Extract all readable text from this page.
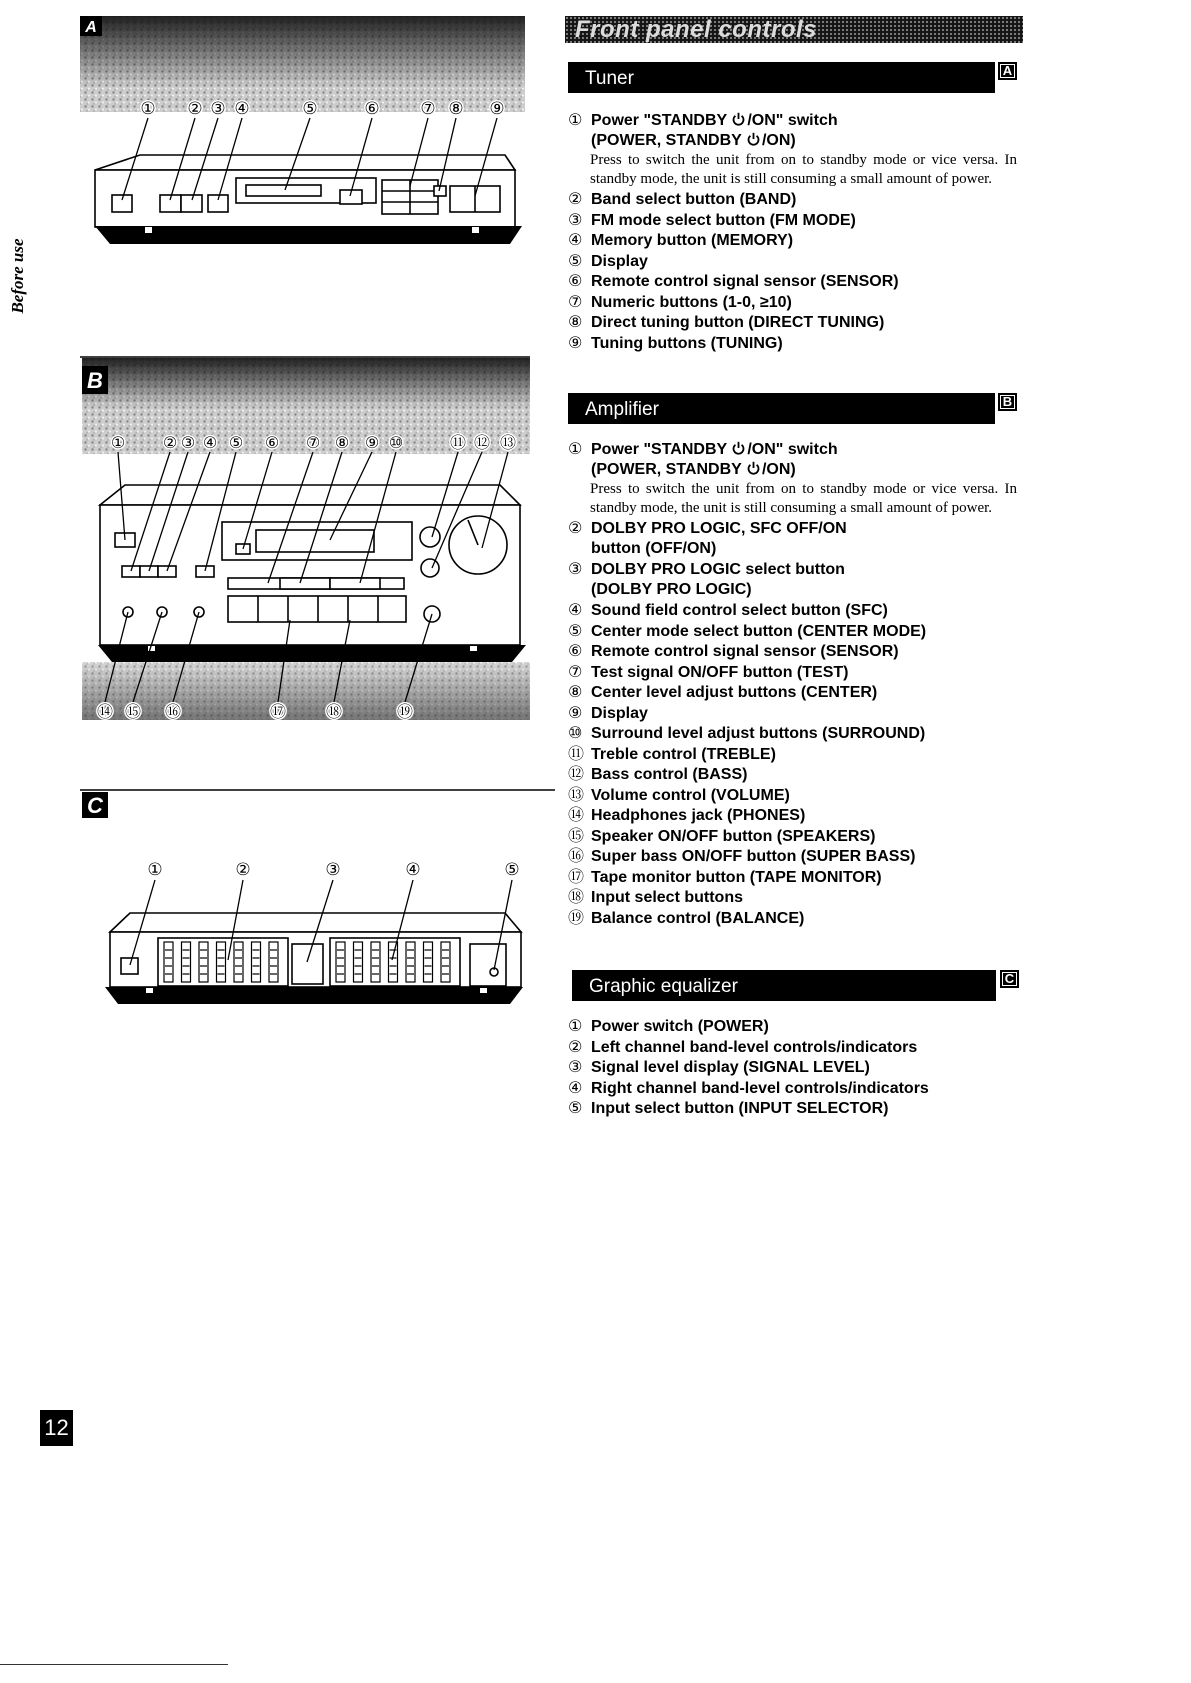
A
① ② ③ ④	⑤	⑥ ⑦ ⑧ ⑨
B
① ② ③ ④ ⑤ ⑥ ⑦ ⑧ ⑨ ⑩	⑪ ⑫ ⑬
⑭ ⑮ ⑯	⑰ ⑱	⑲
C
①	②	③	④	⑤
Before use
Front panel controls
Tuner	A
① Power "STANDBY /ON" switch
(POWER, STANDBY /ON)
Press to switch the unit from on to standby mode or vice versa. In standby mode, the unit is still consuming a small amount of power.
② Band select button (BAND)
③ FM mode select button (FM MODE)
④ Memory button (MEMORY)
⑤ Display
⑥ Remote control signal sensor (SENSOR)
⑦ Numeric buttons (1-0, ≥10)
⑧ Direct tuning button (DIRECT TUNING)
⑨ Tuning buttons (TUNING)
Amplifier	B
① Power "STANDBY /ON" switch
(POWER, STANDBY /ON)
Press to switch the unit from on to standby mode or vice versa. In standby mode, the unit is still consuming a small amount of power.
② DOLBY PRO LOGIC, SFC OFF/ON
button (OFF/ON)
③ DOLBY PRO LOGIC select button
(DOLBY PRO LOGIC)
④ Sound field control select button (SFC)
⑤ Center mode select button (CENTER MODE)
⑥ Remote control signal sensor (SENSOR)
⑦ Test signal ON/OFF button (TEST)
⑧ Center level adjust buttons (CENTER)
⑨ Display
⑩ Surround level adjust buttons (SURROUND)
⑪ Treble control (TREBLE)
⑫ Bass control (BASS)
⑬ Volume control (VOLUME)
⑭ Headphones jack (PHONES)
⑮ Speaker ON/OFF button (SPEAKERS)
⑯ Super bass ON/OFF button (SUPER BASS)
⑰ Tape monitor button (TAPE MONITOR)
⑱ Input select buttons
⑲ Balance control (BALANCE)
Graphic equalizer	C
① Power switch (POWER)
② Left channel band-level controls/indicators
③ Signal level display (SIGNAL LEVEL)
④ Right channel band-level controls/indicators
⑤ Input select button (INPUT SELECTOR)
12
